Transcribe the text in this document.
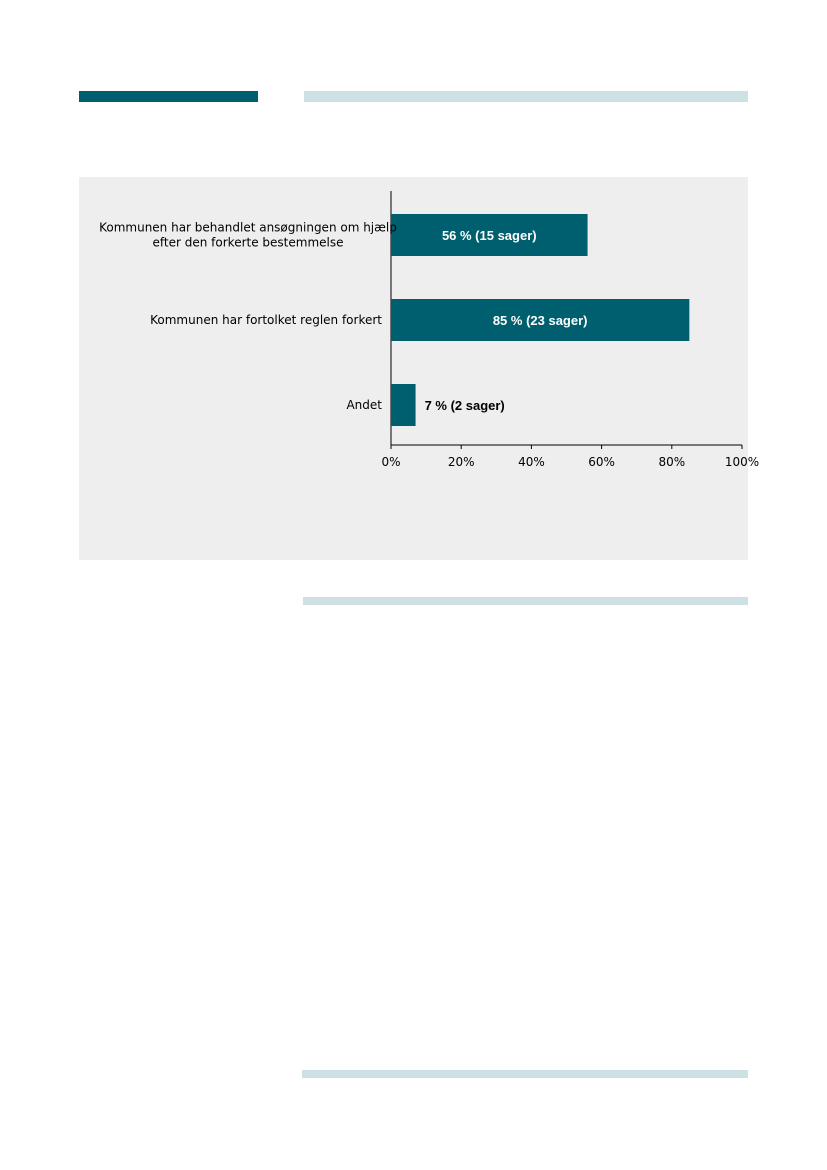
0%	20%	40%	60%	80%	100%
Kommunen har behandlet ansøgningen om hjælp efter den forkerte bestemmelse	56 % (15 sager)
Kommunen har fortolket reglen forkert	85 % (23 sager)
Andet	7 % (2 sager)
